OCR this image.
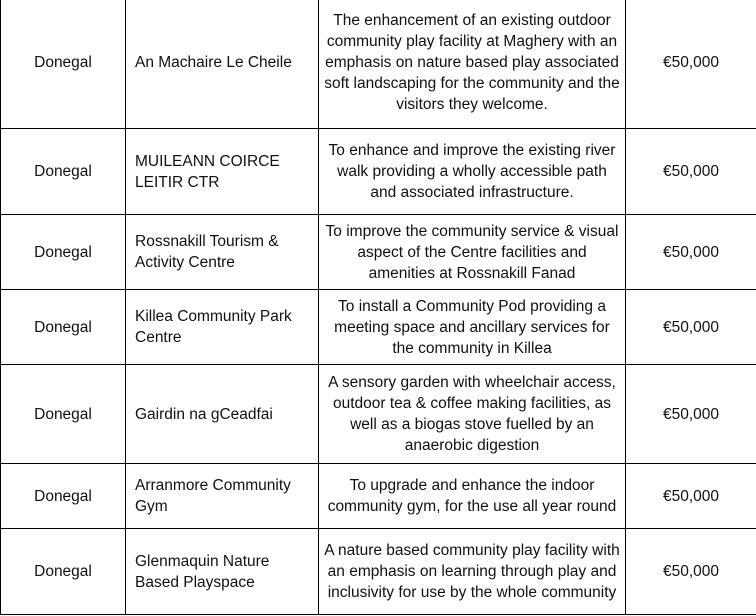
Donegal	An Machaire Le Cheile	The enhancement of an existing outdoor community play facility at Maghery with an emphasis on nature based play associated soft landscaping for the community and the visitors they welcome.	€50,000
Donegal	MUILEANN COIRCE LEITIR CTR	To enhance and improve the existing river walk providing a wholly accessible path and associated infrastructure.	€50,000
Donegal	Rossnakill Tourism & Activity Centre	To improve the community service & visual aspect of the Centre facilities and amenities at Rossnakill Fanad	€50,000
Donegal	Killea Community Park Centre	To install a Community Pod providing a meeting space and ancillary services for the community in Killea	€50,000
Donegal	Gairdin na gCeadfai	A sensory garden with wheelchair access, outdoor tea & coffee making facilities, as well as a biogas stove fuelled by an anaerobic digestion	€50,000
Donegal	Arranmore Community Gym	To upgrade and enhance the indoor community gym, for the use all year round	€50,000
Donegal	Glenmaquin Nature Based Playspace	A nature based community play facility with an emphasis on learning through play and inclusivity for use by the whole community	€50,000
